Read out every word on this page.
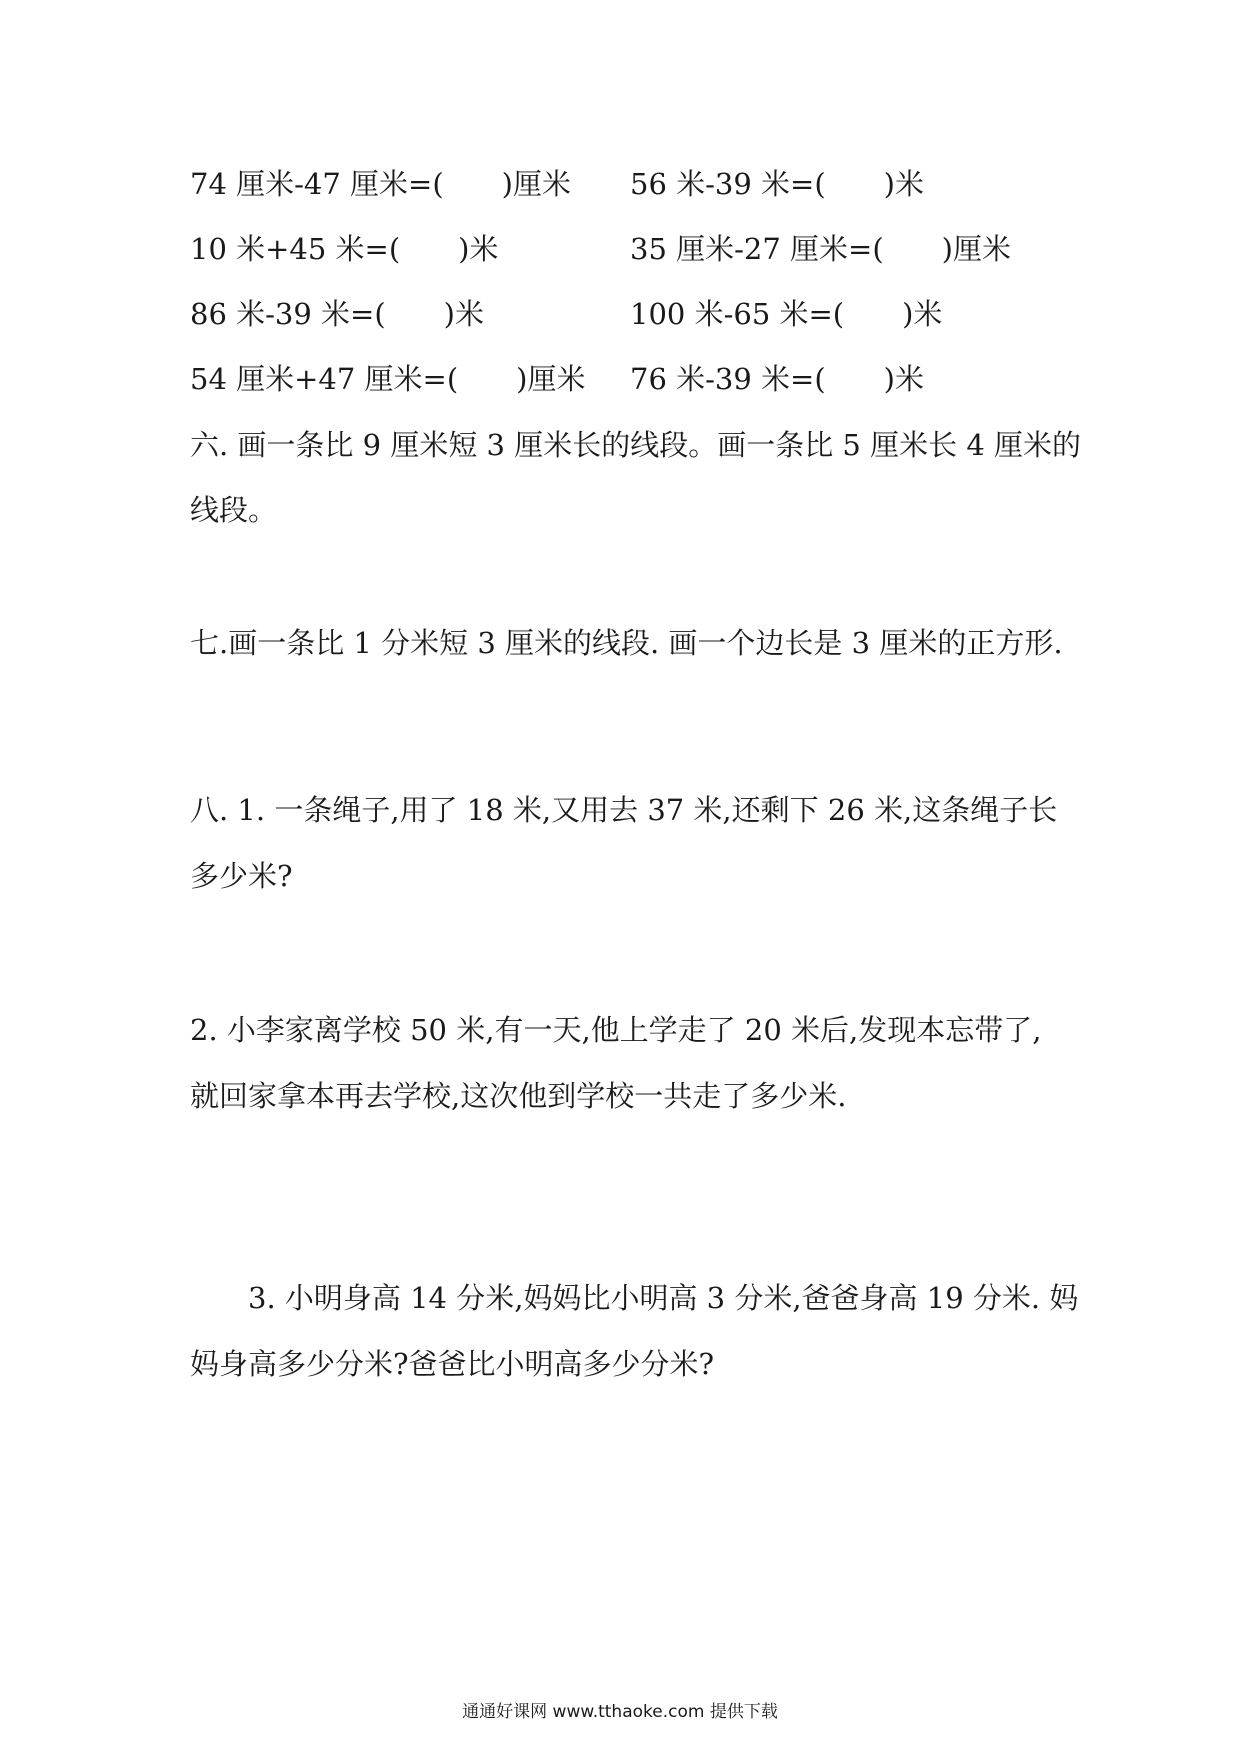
74 厘米-47 厘米=(　　)厘米 56 米-39 米=(　　)米
10 米+45 米=(　　)米	35 厘米-27 厘米=(　　)厘米
86 米-39 米=(　　)米	100 米-65 米=(　　)米
54 厘米+47 厘米=(　　)厘米 76 米-39 米=(　　)米
六. 画一条比 9 厘米短 3 厘米长的线段。画一条比 5 厘米长 4 厘米的
线段。
七.画一条比 1 分米短 3 厘米的线段. 画一个边长是 3 厘米的正方形.
八. 1. 一条绳子,用了 18 米,又用去 37 米,还剩下 26 米,这条绳子长
多少米?
2. 小李家离学校 50 米,有一天,他上学走了 20 米后,发现本忘带了,
就回家拿本再去学校,这次他到学校一共走了多少米.
　　3. 小明身高 14 分米,妈妈比小明高 3 分米,爸爸身高 19 分米. 妈
妈身高多少分米?爸爸比小明高多少分米?
通通好课网 www.tthaoke.com 提供下载
